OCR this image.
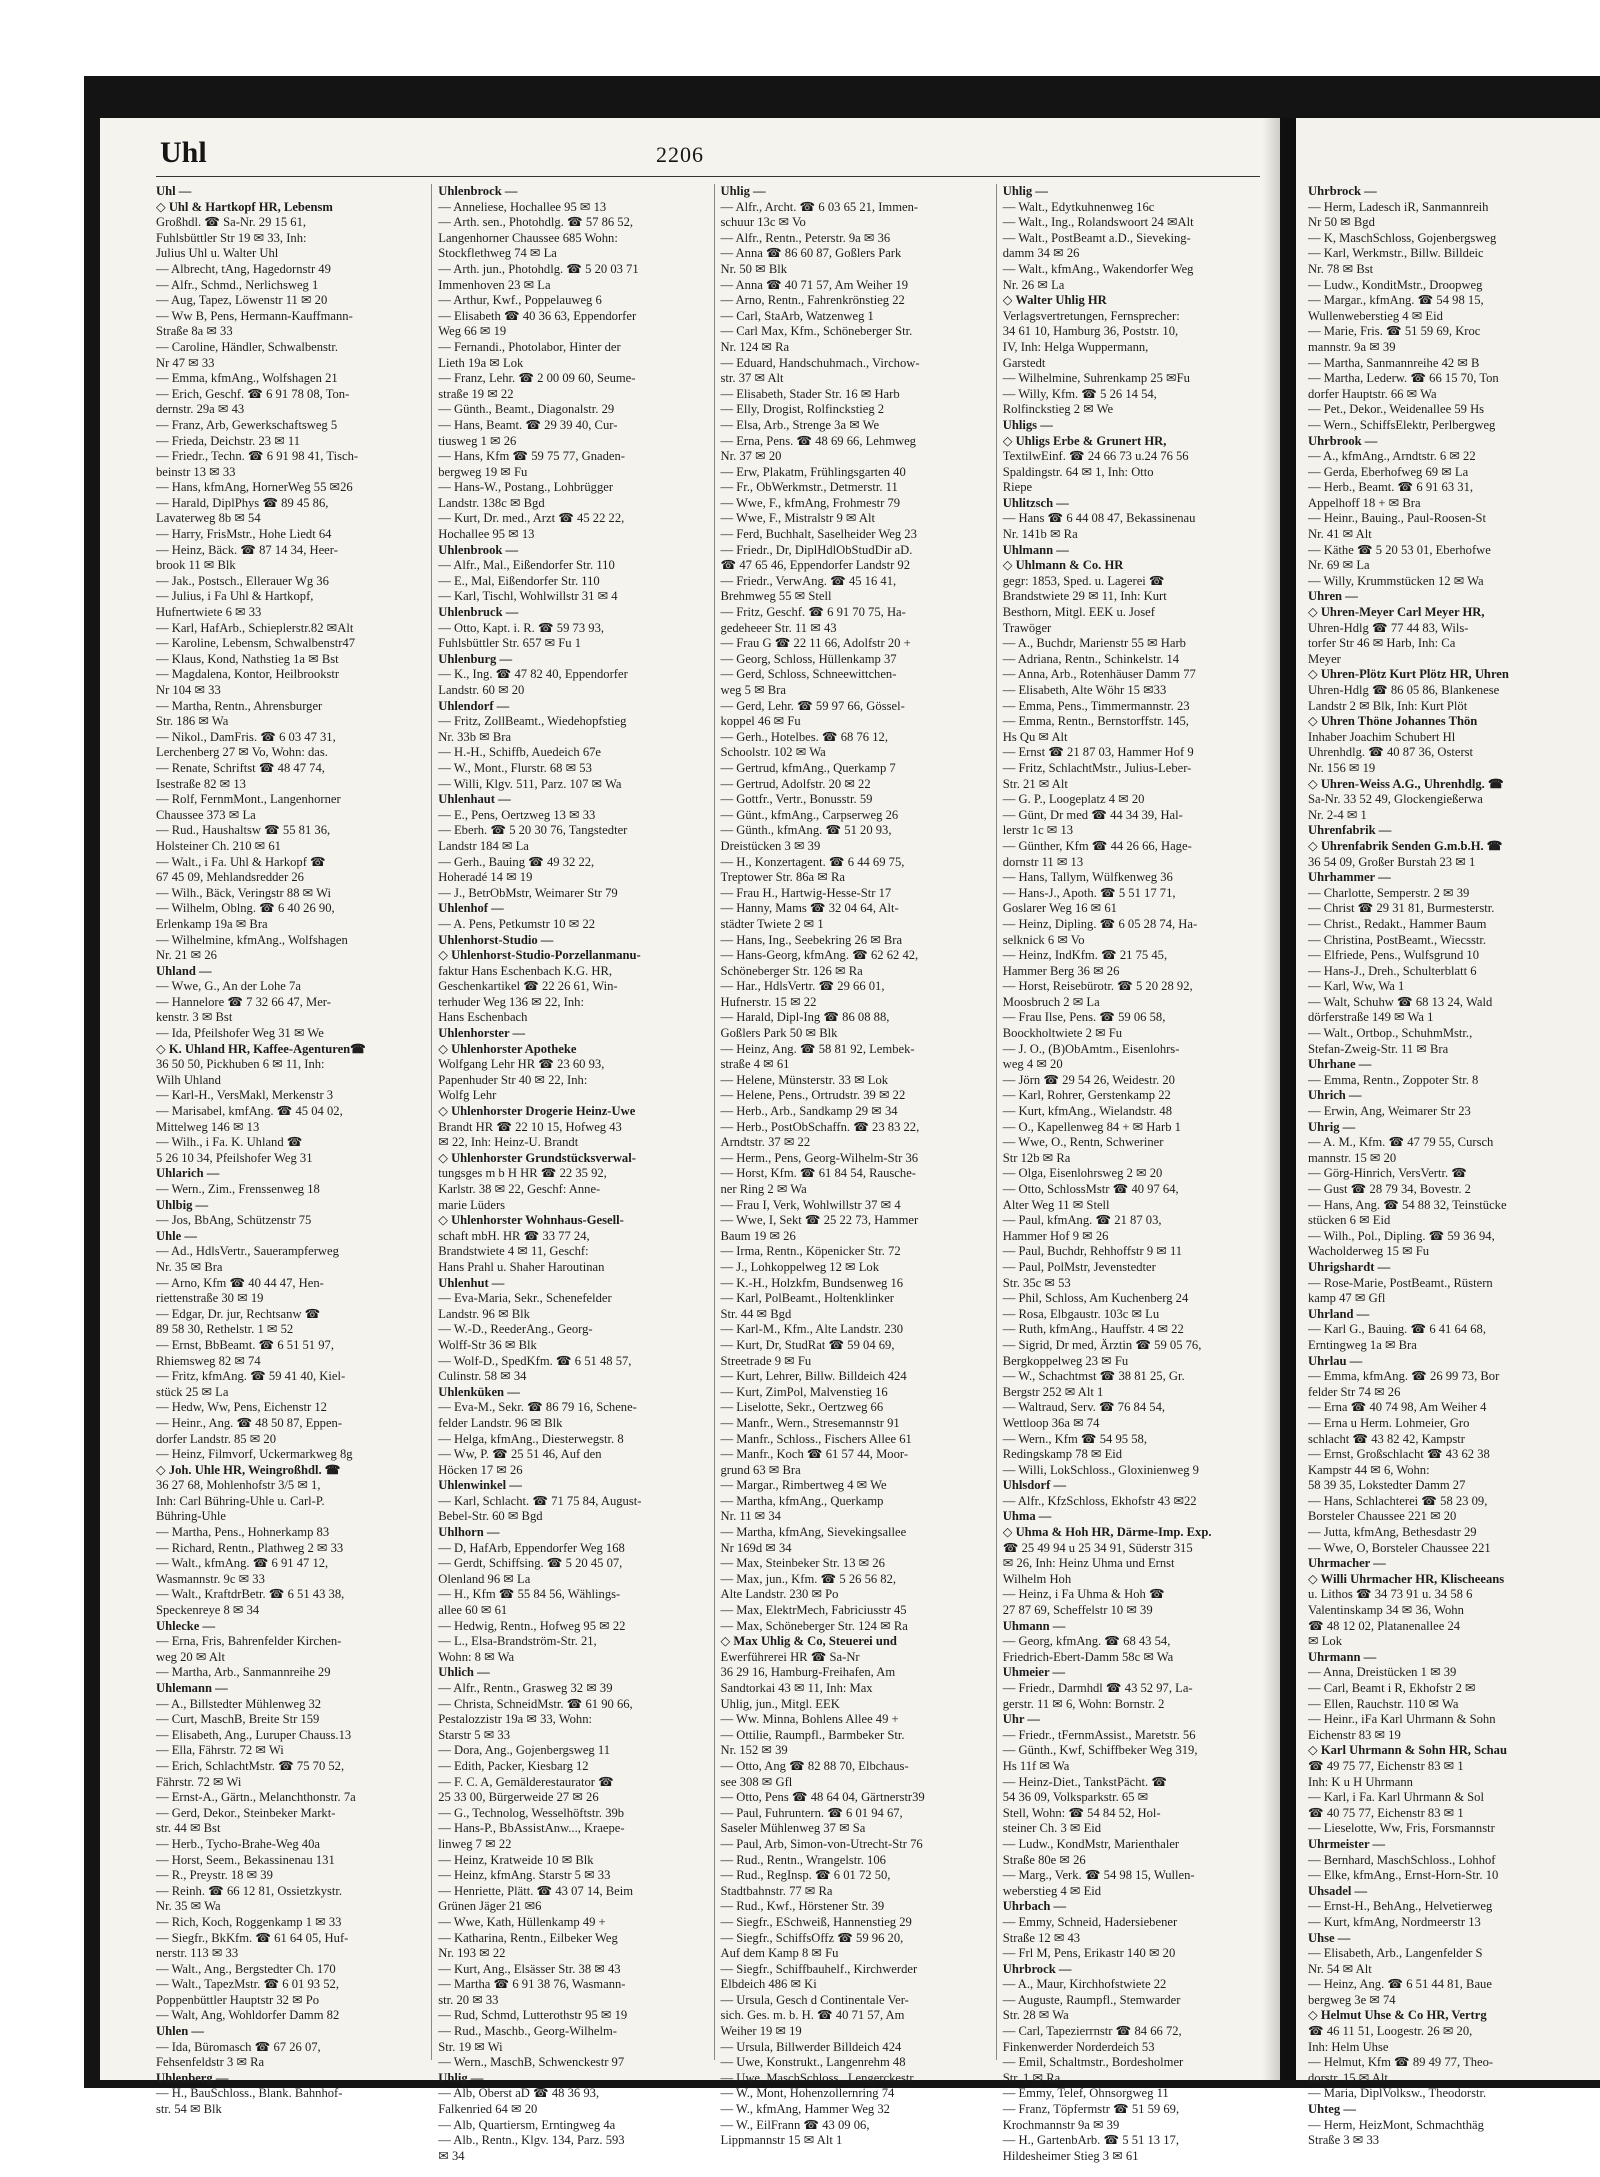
Uhl	2206
Uhl —
◇ Uhl & Hartkopf HR, Lebensm
Großhdl. ☎ Sa-Nr. 29 15 61,
Fuhlsbüttler Str 19 ✉ 33, Inh:
Julius Uhl u. Walter Uhl
— Albrecht, tAng, Hagedornstr 49
— Alfr., Schmd., Nerlichsweg 1
— Aug, Tapez, Löwenstr 11 ✉ 20
— Ww B, Pens, Hermann-Kauffmann-
Straße 8a ✉ 33
— Caroline, Händler, Schwalbenstr.
Nr 47 ✉ 33
— Emma, kfmAng., Wolfshagen 21
— Erich, Geschf. ☎ 6 91 78 08, Ton-
dernstr. 29a ✉ 43
— Franz, Arb, Gewerkschaftsweg 5
— Frieda, Deichstr. 23 ✉ 11
— Friedr., Techn. ☎ 6 91 98 41, Tisch-
beinstr 13 ✉ 33
— Hans, kfmAng, HornerWeg 55 ✉26
— Harald, DiplPhys ☎ 89 45 86,
Lavaterweg 8b ✉ 54
— Harry, FrisMstr., Hohe Liedt 64
— Heinz, Bäck. ☎ 87 14 34, Heer-
brook 11 ✉ Blk
— Jak., Postsch., Ellerauer Wg 36
— Julius, i Fa Uhl & Hartkopf,
Hufnertwiete 6 ✉ 33
— Karl, HafArb., Schieplerstr.82 ✉Alt
— Karoline, Lebensm, Schwalbenstr47
— Klaus, Kond, Nathstieg 1a ✉ Bst
— Magdalena, Kontor, Heilbrookstr
Nr 104 ✉ 33
— Martha, Rentn., Ahrensburger
Str. 186 ✉ Wa
— Nikol., DamFris. ☎ 6 03 47 31,
Lerchenberg 27 ✉ Vo, Wohn: das.
— Renate, Schriftst ☎ 48 47 74,
Isestraße 82 ✉ 13
— Rolf, FernmMont., Langenhorner
Chaussee 373 ✉ La
— Rud., Haushaltsw ☎ 55 81 36,
Holsteiner Ch. 210 ✉ 61
— Walt., i Fa. Uhl & Harkopf ☎
67 45 09, Mehlandsredder 26
— Wilh., Bäck, Veringstr 88 ✉ Wi
— Wilhelm, Oblng. ☎ 6 40 26 90,
Erlenkamp 19a ✉ Bra
— Wilhelmine, kfmAng., Wolfshagen
Nr. 21 ✉ 26
Uhland —
— Wwe, G., An der Lohe 7a
— Hannelore ☎ 7 32 66 47, Mer-
kenstr. 3 ✉ Bst
— Ida, Pfeilshofer Weg 31 ✉ We
◇ K. Uhland HR, Kaffee-Agenturen☎
36 50 50, Pickhuben 6 ✉ 11, Inh:
Wilh Uhland
— Karl-H., VersMakl, Merkenstr 3
— Marisabel, kmfAng. ☎ 45 04 02,
Mittelweg 146 ✉ 13
— Wilh., i Fa. K. Uhland ☎
5 26 10 34, Pfeilshofer Weg 31
Uhlarich —
— Wern., Zim., Frenssenweg 18
Uhlbig —
— Jos, BbAng, Schützenstr 75
Uhle —
— Ad., HdlsVertr., Sauerampferweg
Nr. 35 ✉ Bra
— Arno, Kfm ☎ 40 44 47, Hen-
riettenstraße 30 ✉ 19
— Edgar, Dr. jur, Rechtsanw ☎
89 58 30, Rethelstr. 1 ✉ 52
— Ernst, BbBeamt. ☎ 6 51 51 97,
Rhiemsweg 82 ✉ 74
— Fritz, kfmAng. ☎ 59 41 40, Kiel-
stück 25 ✉ La
— Hedw, Ww, Pens, Eichenstr 12
— Heinr., Ang. ☎ 48 50 87, Eppen-
dorfer Landstr. 85 ✉ 20
— Heinz, Filmvorf, Uckermarkweg 8g
◇ Joh. Uhle HR, Weingroßhdl. ☎
36 27 68, Mohlenhofstr 3/5 ✉ 1,
Inh: Carl Bühring-Uhle u. Carl-P.
Bühring-Uhle
— Martha, Pens., Hohnerkamp 83
— Richard, Rentn., Plathweg 2 ✉ 33
— Walt., kfmAng. ☎ 6 91 47 12,
Wasmannstr. 9c ✉ 33
— Walt., KraftdrBetr. ☎ 6 51 43 38,
Speckenreye 8 ✉ 34
Uhlecke —
— Erna, Fris, Bahrenfelder Kirchen-
weg 20 ✉ Alt
— Martha, Arb., Sanmannreihe 29
Uhlemann —
— A., Billstedter Mühlenweg 32
— Curt, MaschB, Breite Str 159
— Elisabeth, Ang., Luruper Chauss.13
— Ella, Fährstr. 72 ✉ Wi
— Erich, SchlachtMstr. ☎ 75 70 52,
Fährstr. 72 ✉ Wi
— Ernst-A., Gärtn., Melanchthonstr. 7a
— Gerd, Dekor., Steinbeker Markt-
str. 44 ✉ Bst
— Herb., Tycho-Brahe-Weg 40a
— Horst, Seem., Bekassinenau 131
— R., Preystr. 18 ✉ 39
— Reinh. ☎ 66 12 81, Ossietzkystr.
Nr. 35 ✉ Wa
— Rich, Koch, Roggenkamp 1 ✉ 33
— Siegfr., BkKfm. ☎ 61 64 05, Huf-
nerstr. 113 ✉ 33
— Walt., Ang., Bergstedter Ch. 170
— Walt., TapezMstr. ☎ 6 01 93 52,
Poppenbüttler Hauptstr 32 ✉ Po
— Walt, Ang, Wohldorfer Damm 82
Uhlen —
— Ida, Büromasch ☎ 67 26 07,
Fehsenfeldstr 3 ✉ Ra
Uhlenberg —
— H., BauSchloss., Blank. Bahnhof-
str. 54 ✉ Blk
Uhlenbrock —
— Anneliese, Hochallee 95 ✉ 13
— Arth. sen., Photohdlg. ☎ 57 86 52,
Langenhorner Chaussee 685 Wohn:
Stockflethweg 74 ✉ La
— Arth. jun., Photohdlg. ☎ 5 20 03 71
Immenhoven 23 ✉ La
— Arthur, Kwf., Poppelauweg 6
— Elisabeth ☎ 40 36 63, Eppendorfer
Weg 66 ✉ 19
— Fernandi., Photolabor, Hinter der
Lieth 19a ✉ Lok
— Franz, Lehr. ☎ 2 00 09 60, Seume-
straße 19 ✉ 22
— Günth., Beamt., Diagonalstr. 29
— Hans, Beamt. ☎ 29 39 40, Cur-
tiusweg 1 ✉ 26
— Hans, Kfm ☎ 59 75 77, Gnaden-
bergweg 19 ✉ Fu
— Hans-W., Postang., Lohbrügger
Landstr. 138c ✉ Bgd
— Kurt, Dr. med., Arzt ☎ 45 22 22,
Hochallee 95 ✉ 13
Uhlenbrook —
— Alfr., Mal., Eißendorfer Str. 110
— E., Mal, Eißendorfer Str. 110
— Karl, Tischl, Wohlwillstr 31 ✉ 4
Uhlenbruck —
— Otto, Kapt. i. R. ☎ 59 73 93,
Fuhlsbüttler Str. 657 ✉ Fu 1
Uhlenburg —
— K., Ing. ☎ 47 82 40, Eppendorfer
Landstr. 60 ✉ 20
Uhlendorf —
— Fritz, ZollBeamt., Wiedehopfstieg
Nr. 33b ✉ Bra
— H.-H., Schiffb, Auedeich 67e
— W., Mont., Flurstr. 68 ✉ 53
— Willi, Klgv. 511, Parz. 107 ✉ Wa
Uhlenhaut —
— E., Pens, Oertzweg 13 ✉ 33
— Eberh. ☎ 5 20 30 76, Tangstedter
Landstr 184 ✉ La
— Gerh., Bauing ☎ 49 32 22,
Hoheradé 14 ✉ 19
— J., BetrObMstr, Weimarer Str 79
Uhlenhof —
— A. Pens, Petkumstr 10 ✉ 22
Uhlenhorst-Studio —
◇ Uhlenhorst-Studio-Porzellanmanu-
faktur Hans Eschenbach K.G. HR,
Geschenkartikel ☎ 22 26 61, Win-
terhuder Weg 136 ✉ 22, Inh:
Hans Eschenbach
Uhlenhorster —
◇ Uhlenhorster Apotheke
Wolfgang Lehr HR ☎ 23 60 93,
Papenhuder Str 40 ✉ 22, Inh:
Wolfg Lehr
◇ Uhlenhorster Drogerie Heinz-Uwe
Brandt HR ☎ 22 10 15, Hofweg 43
✉ 22, Inh: Heinz-U. Brandt
◇ Uhlenhorster Grundstücksverwal-
tungsges m b H HR ☎ 22 35 92,
Karlstr. 38 ✉ 22, Geschf: Anne-
marie Lüders
◇ Uhlenhorster Wohnhaus-Gesell-
schaft mbH. HR ☎ 33 77 24,
Brandstwiete 4 ✉ 11, Geschf:
Hans Prahl u. Shaher Haroutinan
Uhlenhut —
— Eva-Maria, Sekr., Schenefelder
Landstr. 96 ✉ Blk
— W.-D., ReederAng., Georg-
Wolff-Str 36 ✉ Blk
— Wolf-D., SpedKfm. ☎ 6 51 48 57,
Culinstr. 58 ✉ 34
Uhlenküken —
— Eva-M., Sekr. ☎ 86 79 16, Schene-
felder Landstr. 96 ✉ Blk
— Helga, kfmAng., Diesterwegstr. 8
— Ww, P. ☎ 25 51 46, Auf den
Höcken 17 ✉ 26
Uhlenwinkel —
— Karl, Schlacht. ☎ 71 75 84, August-
Bebel-Str. 60 ✉ Bgd
Uhlhorn —
— D, HafArb, Eppendorfer Weg 168
— Gerdt, Schiffsing. ☎ 5 20 45 07,
Olenland 96 ✉ La
— H., Kfm ☎ 55 84 56, Wählings-
allee 60 ✉ 61
— Hedwig, Rentn., Hofweg 95 ✉ 22
— L., Elsa-Brandström-Str. 21,
Wohn: 8 ✉ Wa
Uhlich —
— Alfr., Rentn., Grasweg 32 ✉ 39
— Christa, SchneidMstr. ☎ 61 90 66,
Pestalozzistr 19a ✉ 33, Wohn:
Starstr 5 ✉ 33
— Dora, Ang., Gojenbergsweg 11
— Edith, Packer, Kiesbarg 12
— F. C. A, Gemälderestaurator ☎
25 33 00, Bürgerweide 27 ✉ 26
— G., Technolog, Wesselhöftstr. 39b
— Hans-P., BbAssistAnw..., Kraepe-
linweg 7 ✉ 22
— Heinz, Kratweide 10 ✉ Blk
— Heinz, kfmAng. Starstr 5 ✉ 33
— Henriette, Plätt. ☎ 43 07 14, Beim
Grünen Jäger 21 ✉6
— Wwe, Kath, Hüllenkamp 49 +
— Katharina, Rentn., Eilbeker Weg
Nr. 193 ✉ 22
— Kurt, Ang., Elsässer Str. 38 ✉ 43
— Martha ☎ 6 91 38 76, Wasmann-
str. 20 ✉ 33
— Rud, Schmd, Lutterothstr 95 ✉ 19
— Rud., Maschb., Georg-Wilhelm-
Str. 19 ✉ Wi
— Wern., MaschB, Schwenckestr 97
Uhlig —
— Alb, Oberst aD ☎ 48 36 93,
Falkenried 64 ✉ 20
— Alb, Quartiersm, Erntingweg 4a
— Alb., Rentn., Klgv. 134, Parz. 593
✉ 34
Uhlig —
— Alfr., Archt. ☎ 6 03 65 21, Immen-
schuur 13c ✉ Vo
— Alfr., Rentn., Peterstr. 9a ✉ 36
— Anna ☎ 86 60 87, Goßlers Park
Nr. 50 ✉ Blk
— Anna ☎ 40 71 57, Am Weiher 19
— Arno, Rentn., Fahrenkrönstieg 22
— Carl, StaArb, Watzenweg 1
— Carl Max, Kfm., Schöneberger Str.
Nr. 124 ✉ Ra
— Eduard, Handschuhmach., Virchow-
str. 37 ✉ Alt
— Elisabeth, Stader Str. 16 ✉ Harb
— Elly, Drogist, Rolfinckstieg 2
— Elsa, Arb., Strenge 3a ✉ We
— Erna, Pens. ☎ 48 69 66, Lehmweg
Nr. 37 ✉ 20
— Erw, Plakatm, Frühlingsgarten 40
— Fr., ObWerkmstr., Detmerstr. 11
— Wwe, F., kfmAng, Frohmestr 79
— Wwe, F., Mistralstr 9 ✉ Alt
— Ferd, Buchhalt, Saselheider Weg 23
— Friedr., Dr, DiplHdlObStudDir aD.
☎ 47 65 46, Eppendorfer Landstr 92
— Friedr., VerwAng. ☎ 45 16 41,
Brehmweg 55 ✉ Stell
— Fritz, Geschf. ☎ 6 91 70 75, Ha-
gedeheeer Str. 11 ✉ 43
— Frau G ☎ 22 11 66, Adolfstr 20 +
— Georg, Schloss, Hüllenkamp 37
— Gerd, Schloss, Schneewittchen-
weg 5 ✉ Bra
— Gerd, Lehr. ☎ 59 97 66, Gössel-
koppel 46 ✉ Fu
— Gerh., Hotelbes. ☎ 68 76 12,
Schoolstr. 102 ✉ Wa
— Gertrud, kfmAng., Querkamp 7
— Gertrud, Adolfstr. 20 ✉ 22
— Gottfr., Vertr., Bonusstr. 59
— Günt., kfmAng., Carpserweg 26
— Günth., kfmAng. ☎ 51 20 93,
Dreistücken 3 ✉ 39
— H., Konzertagent. ☎ 6 44 69 75,
Treptower Str. 86a ✉ Ra
— Frau H., Hartwig-Hesse-Str 17
— Hanny, Mams ☎ 32 04 64, Alt-
städter Twiete 2 ✉ 1
— Hans, Ing., Seebekring 26 ✉ Bra
— Hans-Georg, kfmAng. ☎ 62 62 42,
Schöneberger Str. 126 ✉ Ra
— Har., HdlsVertr. ☎ 29 66 01,
Hufnerstr. 15 ✉ 22
— Harald, Dipl-Ing ☎ 86 08 88,
Goßlers Park 50 ✉ Blk
— Heinz, Ang. ☎ 58 81 92, Lembek-
straße 4 ✉ 61
— Helene, Münsterstr. 33 ✉ Lok
— Helene, Pens., Ortrudstr. 39 ✉ 22
— Herb., Arb., Sandkamp 29 ✉ 34
— Herb., PostObSchaffn. ☎ 23 83 22,
Arndtstr. 37 ✉ 22
— Herm., Pens, Georg-Wilhelm-Str 36
— Horst, Kfm. ☎ 61 84 54, Rausche-
ner Ring 2 ✉ Wa
— Frau I, Verk, Wohlwillstr 37 ✉ 4
— Wwe, I, Sekt ☎ 25 22 73, Hammer
Baum 19 ✉ 26
— Irma, Rentn., Köpenicker Str. 72
— J., Lohkoppelweg 12 ✉ Lok
— K.-H., Holzkfm, Bundsenweg 16
— Karl, PolBeamt., Holtenklinker
Str. 44 ✉ Bgd
— Karl-M., Kfm., Alte Landstr. 230
— Kurt, Dr, StudRat ☎ 59 04 69,
Streetrade 9 ✉ Fu
— Kurt, Lehrer, Billw. Billdeich 424
— Kurt, ZimPol, Malvenstieg 16
— Liselotte, Sekr., Oertzweg 66
— Manfr., Wern., Stresemannstr 91
— Manfr., Schloss., Fischers Allee 61
— Manfr., Koch ☎ 61 57 44, Moor-
grund 63 ✉ Bra
— Margar., Rimbertweg 4 ✉ We
— Martha, kfmAng., Querkamp
Nr. 11 ✉ 34
— Martha, kfmAng, Sievekingsallee
Nr 169d ✉ 34
— Max, Steinbeker Str. 13 ✉ 26
— Max, jun., Kfm. ☎ 5 26 56 82,
Alte Landstr. 230 ✉ Po
— Max, ElektrMech, Fabriciusstr 45
— Max, Schöneberger Str. 124 ✉ Ra
◇ Max Uhlig & Co, Steuerei und
Ewerführerei HR ☎ Sa-Nr
36 29 16, Hamburg-Freihafen, Am
Sandtorkai 43 ✉ 11, Inh: Max
Uhlig, jun., Mitgl. EEK
— Ww. Minna, Bohlens Allee 49 +
— Ottilie, Raumpfl., Barmbeker Str.
Nr. 152 ✉ 39
— Otto, Ang ☎ 82 88 70, Elbchaus-
see 308 ✉ Gfl
— Otto, Pens ☎ 48 64 04, Gärtnerstr39
— Paul, Fuhruntern. ☎ 6 01 94 67,
Saseler Mühlenweg 37 ✉ Sa
— Paul, Arb, Simon-von-Utrecht-Str 76
— Rud., Rentn., Wrangelstr. 106
— Rud., RegInsp. ☎ 6 01 72 50,
Stadtbahnstr. 77 ✉ Ra
— Rud., Kwf., Hörstener Str. 39
— Siegfr., ESchweiß, Hannenstieg 29
— Siegfr., SchiffsOffz ☎ 59 96 20,
Auf dem Kamp 8 ✉ Fu
— Siegfr., Schiffbauhelf., Kirchwerder
Elbdeich 486 ✉ Ki
— Ursula, Gesch d Continentale Ver-
sich. Ges. m. b. H. ☎ 40 71 57, Am
Weiher 19 ✉ 19
— Ursula, Billwerder Billdeich 424
— Uwe, Konstrukt., Langenrehm 48
— Uwe, MaschSchloss., Lengerckestr.
— W., Mont, Hohenzollernring 74
— W., kfmAng, Hammer Weg 32
— W., EilFrann ☎ 43 09 06,
Lippmannstr 15 ✉ Alt 1
Uhlig —
— Walt., Edytkuhnenweg 16c
— Walt., Ing., Rolandswoort 24 ✉Alt
— Walt., PostBeamt a.D., Sieveking-
damm 34 ✉ 26
— Walt., kfmAng., Wakendorfer Weg
Nr. 26 ✉ La
◇ Walter Uhlig HR
Verlagsvertretungen, Fernsprecher:
34 61 10, Hamburg 36, Poststr. 10,
IV, Inh: Helga Wuppermann,
Garstedt
— Wilhelmine, Suhrenkamp 25 ✉Fu
— Willy, Kfm. ☎ 5 26 14 54,
Rolfinckstieg 2 ✉ We
Uhligs —
◇ Uhligs Erbe & Grunert HR,
TextilwEinf. ☎ 24 66 73 u.24 76 56
Spaldingstr. 64 ✉ 1, Inh: Otto
Riepe
Uhlitzsch —
— Hans ☎ 6 44 08 47, Bekassinenau
Nr. 141b ✉ Ra
Uhlmann —
◇ Uhlmann & Co. HR
gegr: 1853, Sped. u. Lagerei ☎
Brandstwiete 29 ✉ 11, Inh: Kurt
Besthorn, Mitgl. EEK u. Josef
Trawöger
— A., Buchdr, Marienstr 55 ✉ Harb
— Adriana, Rentn., Schinkelstr. 14
— Anna, Arb., Rotenhäuser Damm 77
— Elisabeth, Alte Wöhr 15 ✉33
— Emma, Pens., Timmermannstr. 23
— Emma, Rentn., Bernstorffstr. 145,
Hs Qu ✉ Alt
— Ernst ☎ 21 87 03, Hammer Hof 9
— Fritz, SchlachtMstr., Julius-Leber-
Str. 21 ✉ Alt
— G. P., Loogeplatz 4 ✉ 20
— Günt, Dr med ☎ 44 34 39, Hal-
lerstr 1c ✉ 13
— Günther, Kfm ☎ 44 26 66, Hage-
dornstr 11 ✉ 13
— Hans, Tallym, Wülfkenweg 36
— Hans-J., Apoth. ☎ 5 51 17 71,
Goslarer Weg 16 ✉ 61
— Heinz, Dipling. ☎ 6 05 28 74, Ha-
selknick 6 ✉ Vo
— Heinz, IndKfm. ☎ 21 75 45,
Hammer Berg 36 ✉ 26
— Horst, Reisebürotr. ☎ 5 20 28 92,
Moosbruch 2 ✉ La
— Frau Ilse, Pens. ☎ 59 06 58,
Boockholtwiete 2 ✉ Fu
— J. O., (B)ObAmtm., Eisenlohrs-
weg 4 ✉ 20
— Jörn ☎ 29 54 26, Weidestr. 20
— Karl, Rohrer, Gerstenkamp 22
— Kurt, kfmAng., Wielandstr. 48
— O., Kapellenweg 84 + ✉ Harb 1
— Wwe, O., Rentn, Schweriner
Str 12b ✉ Ra
— Olga, Eisenlohrsweg 2 ✉ 20
— Otto, SchlossMstr ☎ 40 97 64,
Alter Weg 11 ✉ Stell
— Paul, kfmAng. ☎ 21 87 03,
Hammer Hof 9 ✉ 26
— Paul, Buchdr, Rehhoffstr 9 ✉ 11
— Paul, PolMstr, Jevenstedter
Str. 35c ✉ 53
— Phil, Schloss, Am Kuchenberg 24
— Rosa, Elbgaustr. 103c ✉ Lu
— Ruth, kfmAng., Hauffstr. 4 ✉ 22
— Sigrid, Dr med, Ärztin ☎ 59 05 76,
Bergkoppelweg 23 ✉ Fu
— W., Schachtmst ☎ 38 81 25, Gr.
Bergstr 252 ✉ Alt 1
— Waltraud, Serv. ☎ 76 84 54,
Wettloop 36a ✉ 74
— Wern., Kfm ☎ 54 95 58,
Redingskamp 78 ✉ Eid
— Willi, LokSchloss., Gloxinienweg 9
Uhlsdorf —
— Alfr., KfzSchloss, Ekhofstr 43 ✉22
Uhma —
◇ Uhma & Hoh HR, Därme-Imp. Exp.
☎ 25 49 94 u 25 34 91, Süderstr 315
✉ 26, Inh: Heinz Uhma und Ernst
Wilhelm Hoh
— Heinz, i Fa Uhma & Hoh ☎
27 87 69, Scheffelstr 10 ✉ 39
Uhmann —
— Georg, kfmAng. ☎ 68 43 54,
Friedrich-Ebert-Damm 58c ✉ Wa
Uhmeier —
— Friedr., Darmhdl ☎ 43 52 97, La-
gerstr. 11 ✉ 6, Wohn: Bornstr. 2
Uhr —
— Friedr., tFernmAssist., Maretstr. 56
— Günth., Kwf, Schiffbeker Weg 319,
Hs 11f ✉ Wa
— Heinz-Diet., TankstPächt. ☎
54 36 09, Volksparkstr. 65 ✉
Stell, Wohn: ☎ 54 84 52, Hol-
steiner Ch. 3 ✉ Eid
— Ludw., KondMstr, Marienthaler
Straße 80e ✉ 26
— Marg., Verk. ☎ 54 98 15, Wullen-
weberstieg 4 ✉ Eid
Uhrbach —
— Emmy, Schneid, Hadersiebener
Straße 12 ✉ 43
— Frl M, Pens, Erikastr 140 ✉ 20
Uhrbrock —
— A., Maur, Kirchhofstwiete 22
— Auguste, Raumpfl., Stemwarder
Str. 28 ✉ Wa
— Carl, Tapezierrnstr ☎ 84 66 72,
Finkenwerder Norderdeich 53
— Emil, Schaltmstr., Bordesholmer
Str. 1 ✉ Ra
— Emmy, Telef, Ohnsorgweg 11
— Franz, Töpfermstr ☎ 51 59 69,
Krochmannstr 9a ✉ 39
— H., GartenbArb. ☎ 5 51 13 17,
Hildesheimer Stieg 3 ✉ 61
Uhrbrock —
— Herm, Ladesch iR, Sanmannreih
Nr 50 ✉ Bgd
— K, MaschSchloss, Gojenbergsweg
— Karl, Werkmstr., Billw. Billdeic
Nr. 78 ✉ Bst
— Ludw., KonditMstr., Droopweg
— Margar., kfmAng. ☎ 54 98 15,
Wullenweberstieg 4 ✉ Eid
— Marie, Fris. ☎ 51 59 69, Kroc
mannstr. 9a ✉ 39
— Martha, Sanmannreihe 42 ✉ B
— Martha, Lederw. ☎ 66 15 70, Ton
dorfer Hauptstr. 66 ✉ Wa
— Pet., Dekor., Weidenallee 59 Hs
— Wern., SchiffsElektr, Perlbergweg
Uhrbrook —
— A., kfmAng., Arndtstr. 6 ✉ 22
— Gerda, Eberhofweg 69 ✉ La
— Herb., Beamt. ☎ 6 91 63 31,
Appelhoff 18 + ✉ Bra
— Heinr., Bauing., Paul-Roosen-St
Nr. 41 ✉ Alt
— Käthe ☎ 5 20 53 01, Eberhofwe
Nr. 69 ✉ La
— Willy, Krummstücken 12 ✉ Wa
Uhren —
◇ Uhren-Meyer Carl Meyer HR,
Uhren-Hdlg ☎ 77 44 83, Wils-
torfer Str 46 ✉ Harb, Inh: Ca
Meyer
◇ Uhren-Plötz Kurt Plötz HR, Uhren
Uhren-Hdlg ☎ 86 05 86, Blankenese
Landstr 2 ✉ Blk, Inh: Kurt Plöt
◇ Uhren Thöne Johannes Thön
Inhaber Joachim Schubert Hl
Uhrenhdlg. ☎ 40 87 36, Osterst
Nr. 156 ✉ 19
◇ Uhren-Weiss A.G., Uhrenhdlg. ☎
Sa-Nr. 33 52 49, Glockengießerwa
Nr. 2-4 ✉ 1
Uhrenfabrik —
◇ Uhrenfabrik Senden G.m.b.H. ☎
36 54 09, Großer Burstah 23 ✉ 1
Uhrhammer —
— Charlotte, Semperstr. 2 ✉ 39
— Christ ☎ 29 31 81, Burmesterstr.
— Christ., Redakt., Hammer Baum
— Christina, PostBeamt., Wiecsstr.
— Elfriede, Pens., Wulfsgrund 10
— Hans-J., Dreh., Schulterblatt 6
— Karl, Ww, Wa 1
— Walt, Schuhw ☎ 68 13 24, Wald
dörferstraße 149 ✉ Wa 1
— Walt., Ortbop., SchuhmMstr.,
Stefan-Zweig-Str. 11 ✉ Bra
Uhrhane —
— Emma, Rentn., Zoppoter Str. 8
Uhrich —
— Erwin, Ang, Weimarer Str 23
Uhrig —
— A. M., Kfm. ☎ 47 79 55, Cursch
mannstr. 15 ✉ 20
— Görg-Hinrich, VersVertr. ☎
— Gust ☎ 28 79 34, Bovestr. 2
— Hans, Ang. ☎ 54 88 32, Teinstücke
stücken 6 ✉ Eid
— Wilh., Pol., Dipling. ☎ 59 36 94,
Wacholderweg 15 ✉ Fu
Uhrigshardt —
— Rose-Marie, PostBeamt., Rüstern
kamp 47 ✉ Gfl
Uhrland —
— Karl G., Bauing. ☎ 6 41 64 68,
Erntingweg 1a ✉ Bra
Uhrlau —
— Emma, kfmAng. ☎ 26 99 73, Bor
felder Str 74 ✉ 26
— Erna ☎ 40 74 98, Am Weiher 4
— Erna u Herm. Lohmeier, Gro
schlacht ☎ 43 82 42, Kampstr
— Ernst, Großschlacht ☎ 43 62 38
Kampstr 44 ✉ 6, Wohn:
58 39 35, Lokstedter Damm 27
— Hans, Schlachterei ☎ 58 23 09,
Borsteler Chaussee 221 ✉ 20
— Jutta, kfmAng, Bethesdastr 29
— Wwe, O, Borsteler Chaussee 221
Uhrmacher —
◇ Willi Uhrmacher HR, Klischeeans
u. Lithos ☎ 34 73 91 u. 34 58 6
Valentinskamp 34 ✉ 36, Wohn
☎ 48 12 02, Platanenallee 24
✉ Lok
Uhrmann —
— Anna, Dreistücken 1 ✉ 39
— Carl, Beamt i R, Ekhofstr 2 ✉
— Ellen, Rauchstr. 110 ✉ Wa
— Heinr., iFa Karl Uhrmann & Sohn
Eichenstr 83 ✉ 19
◇ Karl Uhrmann & Sohn HR, Schau
☎ 49 75 77, Eichenstr 83 ✉ 1
Inh: K u H Uhrmann
— Karl, i Fa. Karl Uhrmann & Sol
☎ 40 75 77, Eichenstr 83 ✉ 1
— Lieselotte, Ww, Fris, Forsmannstr
Uhrmeister —
— Bernhard, MaschSchloss., Lohhof
— Elke, kfmAng., Ernst-Horn-Str. 10
Uhsadel —
— Ernst-H., BehAng., Helvetierweg
— Kurt, kfmAng, Nordmeerstr 13
Uhse —
— Elisabeth, Arb., Langenfelder S
Nr. 54 ✉ Alt
— Heinz, Ang. ☎ 6 51 44 81, Baue
bergweg 3e ✉ 74
◇ Helmut Uhse & Co HR, Vertrg
☎ 46 11 51, Loogestr. 26 ✉ 20,
Inh: Helm Uhse
— Helmut, Kfm ☎ 89 49 77, Theo-
dorstr. 15 ✉ Alt
— Maria, DiplVolksw., Theodorstr.
Uhteg —
— Herm, HeizMont, Schmachthäg
Straße 3 ✉ 33
